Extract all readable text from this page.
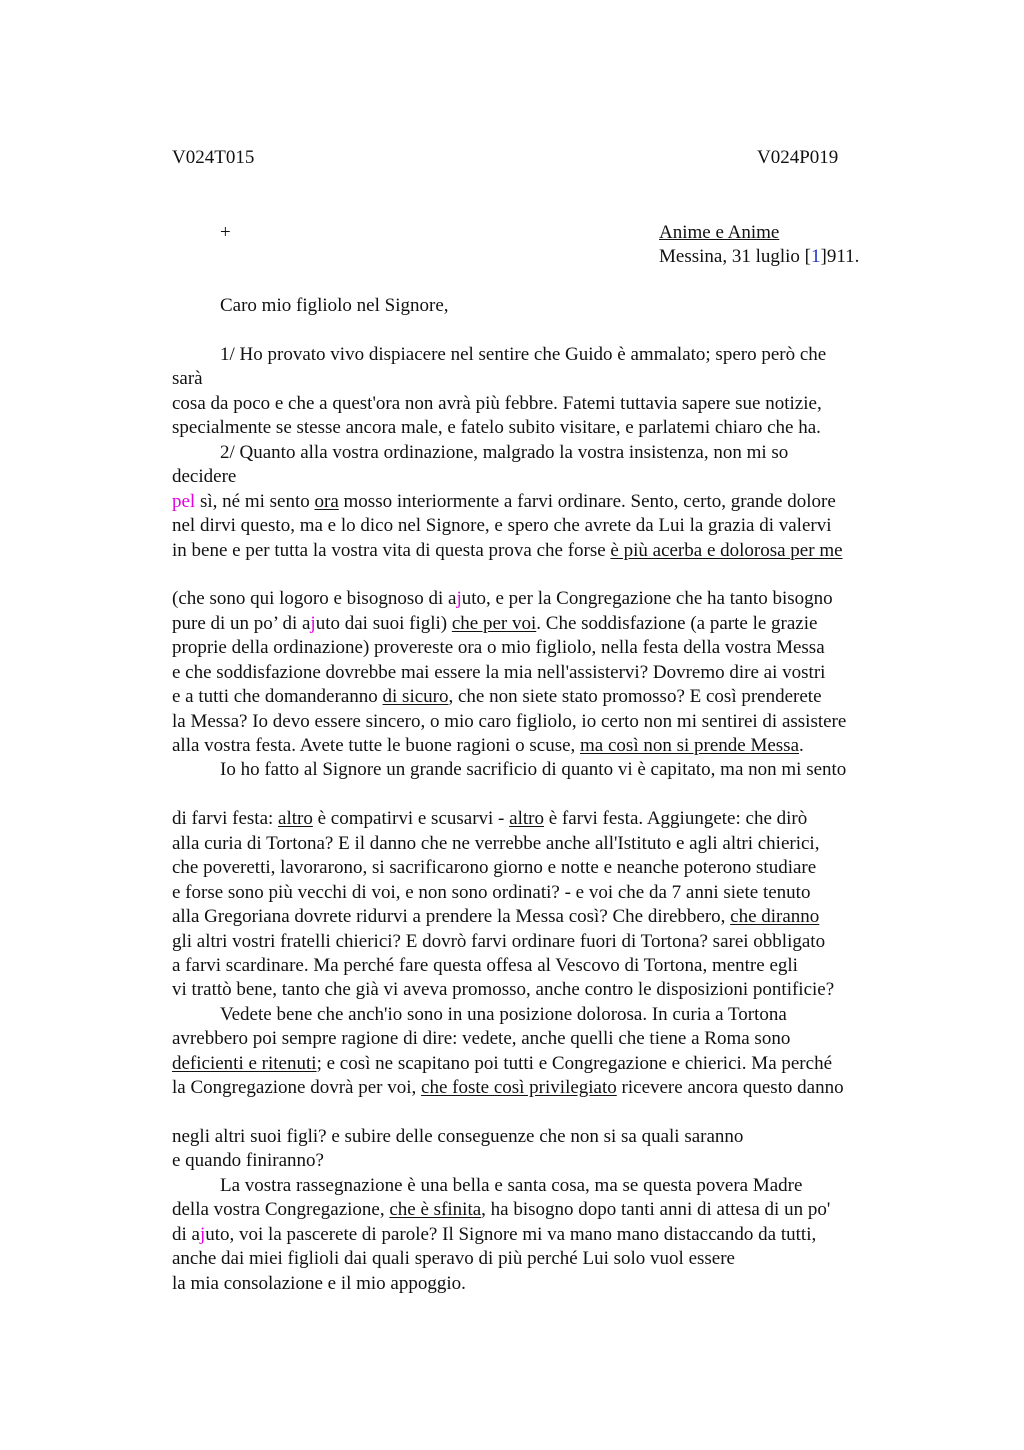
V024T015	V024P019
+	Anime e Anime
Messina, 31 luglio [1]911.
Caro mio figliolo nel Signore,
1/ Ho provato vivo dispiacere nel sentire che Guido è ammalato; spero però che
sarà
cosa da poco e che a quest'ora non avrà più febbre. Fatemi tuttavia sapere sue notizie,
specialmente se stesse ancora male, e fatelo subito visitare, e parlatemi chiaro che ha.
2/ Quanto alla vostra ordinazione, malgrado la vostra insistenza, non mi so
decidere
pel sì, né mi sento ora mosso interiormente a farvi ordinare. Sento, certo, grande dolore
nel dirvi questo, ma e lo dico nel Signore, e spero che avrete da Lui la grazia di valervi
in bene e per tutta la vostra vita di questa prova che forse è più acerba e dolorosa per me
(che sono qui logoro e bisognoso di ajuto, e per la Congregazione che ha tanto bisogno
pure di un po’ di ajuto dai suoi figli) che per voi. Che soddisfazione (a parte le grazie
proprie della ordinazione) provereste ora o mio figliolo, nella festa della vostra Messa
e che soddisfazione dovrebbe mai essere la mia nell'assistervi? Dovremo dire ai vostri
e a tutti che domanderanno di sicuro, che non siete stato promosso? E così prenderete
la Messa? Io devo essere sincero, o mio caro figliolo, io certo non mi sentirei di assistere
alla vostra festa. Avete tutte le buone ragioni o scuse, ma così non si prende Messa.
Io ho fatto al Signore un grande sacrificio di quanto vi è capitato, ma non mi sento
di farvi festa: altro è compatirvi e scusarvi - altro è farvi festa. Aggiungete: che dirò
alla curia di Tortona? E il danno che ne verrebbe anche all'Istituto e agli altri chierici,
che poveretti, lavorarono, si sacrificarono giorno e notte e neanche poterono studiare
e forse sono più vecchi di voi, e non sono ordinati? - e voi che da 7 anni siete tenuto
alla Gregoriana dovrete ridurvi a prendere la Messa così? Che direbbero, che diranno
gli altri vostri fratelli chierici? E dovrò farvi ordinare fuori di Tortona? sarei obbligato
a farvi scardinare. Ma perché fare questa offesa al Vescovo di Tortona, mentre egli
vi trattò bene, tanto che già vi aveva promosso, anche contro le disposizioni pontificie?
Vedete bene che anch'io sono in una posizione dolorosa. In curia a Tortona
avrebbero poi sempre ragione di dire: vedete, anche quelli che tiene a Roma sono
deficienti e ritenuti; e così ne scapitano poi tutti e Congregazione e chierici. Ma perché
la Congregazione dovrà per voi, che foste così privilegiato ricevere ancora questo danno
negli altri suoi figli? e subire delle conseguenze che non si sa quali saranno
e quando finiranno?
La vostra rassegnazione è una bella e santa cosa, ma se questa povera Madre
della vostra Congregazione, che è sfinita, ha bisogno dopo tanti anni di attesa di un po'
di ajuto, voi la pascerete di parole? Il Signore mi va mano mano distaccando da tutti,
anche dai miei figlioli dai quali speravo di più perché Lui solo vuol essere
la mia consolazione e il mio appoggio.
